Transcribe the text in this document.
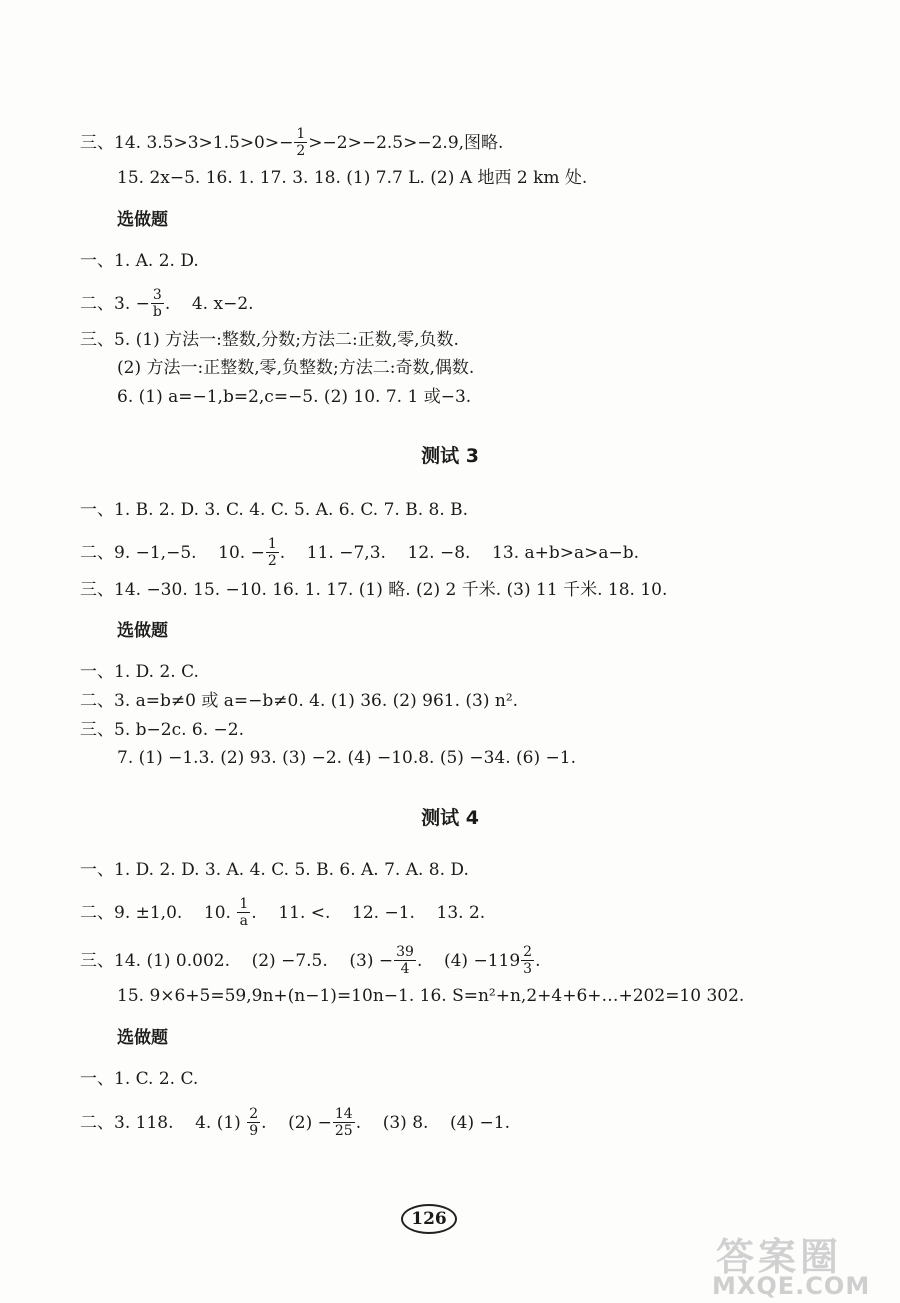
三、14. $3.5>3>1.5>0>- \frac{1}{2} >-2>-2.5>-2.9$,图略.
15. 2x−5. 16. 1. 17. 3. 18. (1) 7.7 L. (2) A 地西 2 km 处.
选做题
一、1. A. 2. D.
二、3. − $\frac{3}{b}$ .    4. x−2.
三、5. (1) 方法一:整数,分数;方法二:正数,零,负数.
(2) 方法一:正整数,零,负整数;方法二:奇数,偶数.
6. (1) a=−1,b=2,c=−5. (2) 10. 7. 1 或−3.
测试 3
一、1. B. 2. D. 3. C. 4. C. 5. A. 6. C. 7. B. 8. B.
二、9. −1,−5.    10. − $\frac{1}{2}$ .    11. −7,3.    12. −8.    13. a+b>a>a−b.
三、14. −30. 15. −10. 16. 1. 17. (1) 略. (2) 2 千米. (3) 11 千米. 18. 10.
选做题
一、1. D. 2. C.
二、3. a=b≠0 或 a=−b≠0. 4. (1) 36. (2) 961. (3) n².
三、5. b−2c. 6. −2.
7. (1) −1.3. (2) 93. (3) −2. (4) −10.8. (5) −34. (6) −1.
测试 4
一、1. D. 2. D. 3. A. 4. C. 5. B. 6. A. 7. A. 8. D.
二、9. ±1,0.    10. $\frac{1}{a}$ .    11. <.    12. −1.    13. 2.
三、14. (1) 0.002.    (2) −7.5.    $(3) - \frac{39}{4}$ .    $(4) -119 \frac{2}{3}$ .
15. 9×6+5=59,9n+(n−1)=10n−1. 16. S=n²+n,2+4+6+…+202=10 302.
选做题
一、1. C. 2. C.
二、3. 118.    4. $(1) \frac{2}{9}$ .    $(2) - \frac{14}{25}$ .    (3) 8.    (4) −1.
126
答案圈
MXQE.COM
